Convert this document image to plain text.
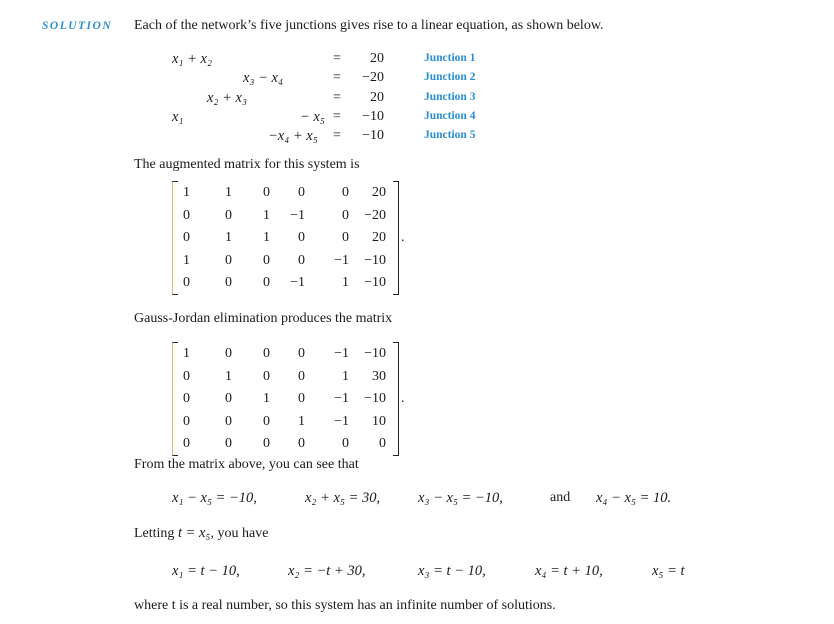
SOLUTION Each of the network’s five junctions gives rise to a linear equation, as shown below.
x₁ + x₂	=	20	Junction 1
x₃ − x₄	=	−20	Junction 2
x₂ + x₃	=	20	Junction 3
x₁	− x₅ =	−10	Junction 4
−x₄ + x₅ =	−10	Junction 5
The augmented matrix for this system is
1	1	0	0	0	20
0	0	1	−1	0	−20
0	1	1	0	0	20
1	0	0	0	−1	−10
0	0	0	−1	1	−10
.
Gauss-Jordan elimination produces the matrix
1	0	0	0	−1	−10
0	1	0	0	1	30
0	0	1	0	−1	−10
0	0	0	1	−1	10
0	0	0	0	0	0
.
From the matrix above, you can see that
x₁ − x₅ = −10,	x₂ + x₅ = 30,	x₃ − x₅ = −10,	and x₄ − x₅ = 10.
Letting t = x₅, you have
x₁ = t − 10,	x₂ = −t + 30,	x₃ = t − 10,	x₄ = t + 10,	x₅ = t
where t is a real number, so this system has an infinite number of solutions.
